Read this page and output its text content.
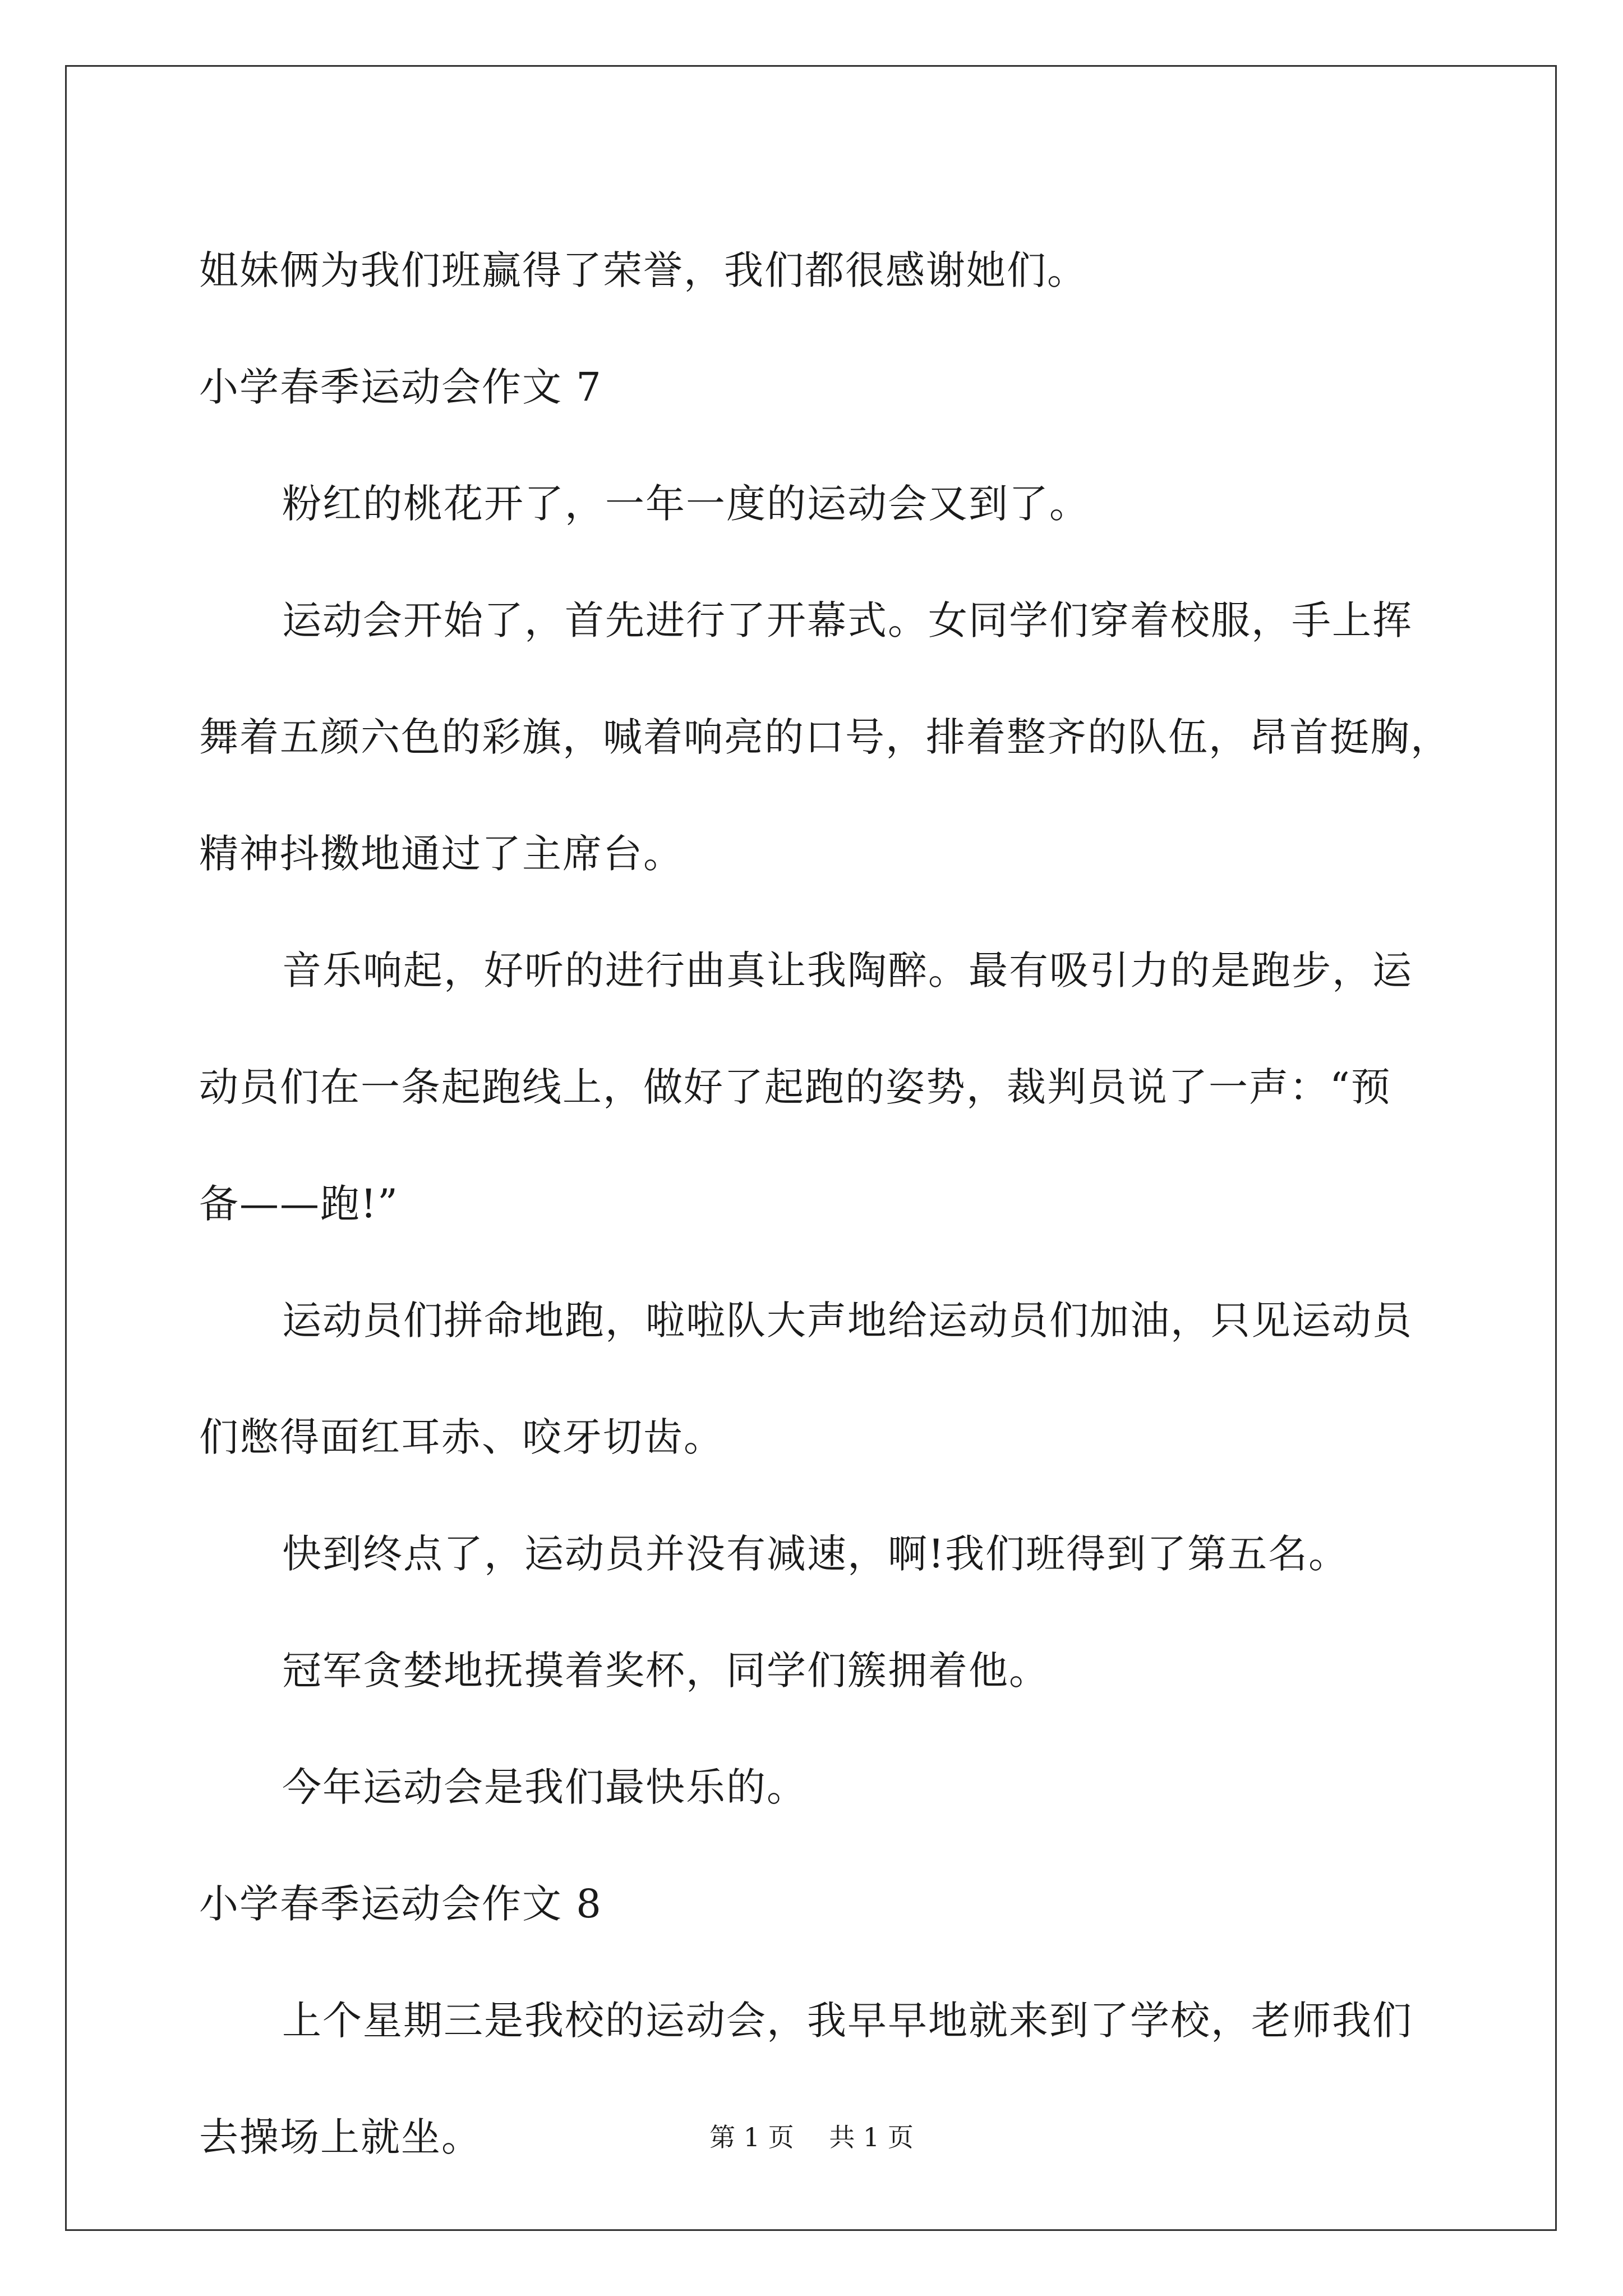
姐妹俩为我们班赢得了荣誉，我们都很感谢她们。
小学春季运动会作文 7
粉红的桃花开了，一年一度的运动会又到了。
运动会开始了，首先进行了开幕式。女同学们穿着校服，手上挥
舞着五颜六色的彩旗，喊着响亮的口号，排着整齐的队伍，昂首挺胸，
精神抖擞地通过了主席台。
音乐响起，好听的进行曲真让我陶醉。最有吸引力的是跑步，运
动员们在一条起跑线上，做好了起跑的姿势，裁判员说了一声：“预
备——跑!”
运动员们拼命地跑，啦啦队大声地给运动员们加油，只见运动员
们憋得面红耳赤、咬牙切齿。
快到终点了，运动员并没有减速，啊!我们班得到了第五名。
冠军贪婪地抚摸着奖杯，同学们簇拥着他。
今年运动会是我们最快乐的。
小学春季运动会作文 8
上个星期三是我校的运动会，我早早地就来到了学校，老师我们
去操场上就坐。	第 1 页 共 1 页
